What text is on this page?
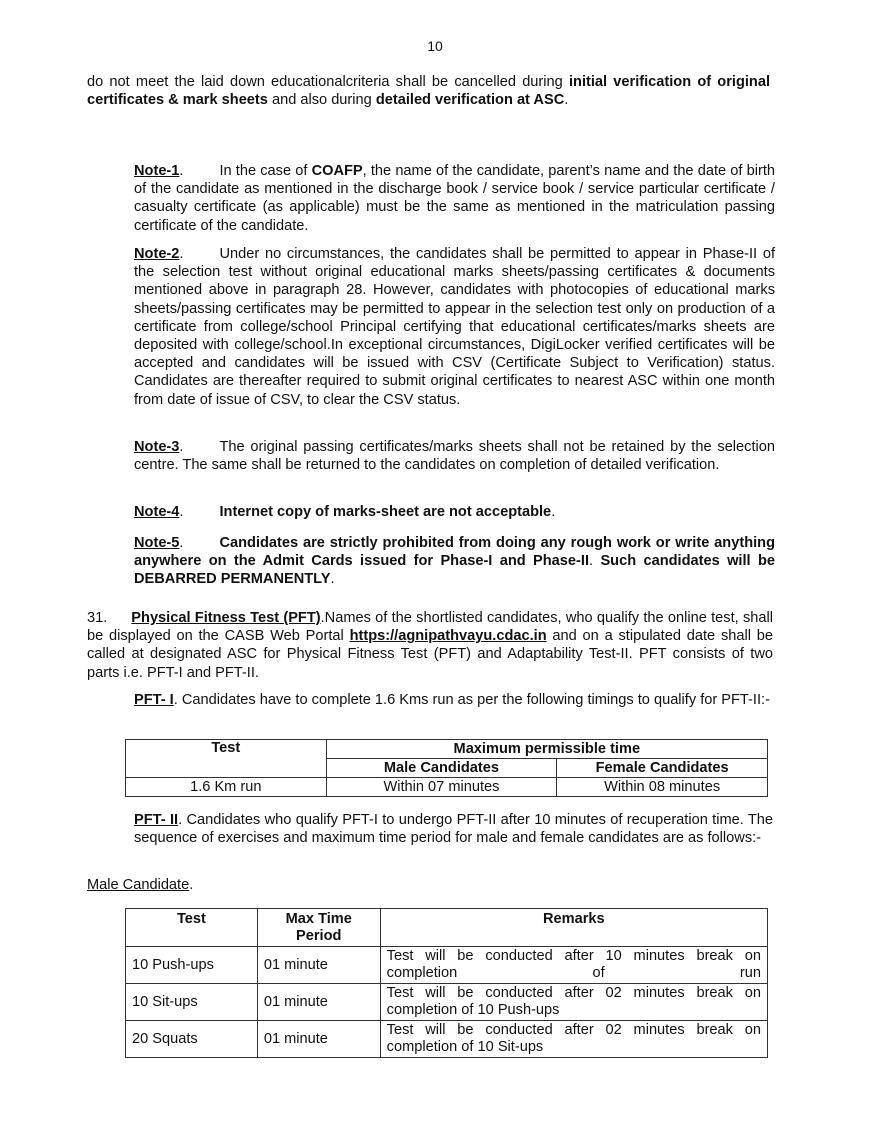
10

do not meet the laid down educationalcriteria shall be cancelled during initial verification of original certificates & mark sheets and also during detailed verification at ASC.

Note-1. In the case of COAFP, the name of the candidate, parent’s name and the date of birth of the candidate as mentioned in the discharge book / service book / service particular certificate / casualty certificate (as applicable) must be the same as mentioned in the matriculation passing certificate of the candidate.

Note-2. Under no circumstances, the candidates shall be permitted to appear in Phase-II of the selection test without original educational marks sheets/passing certificates & documents mentioned above in paragraph 28. However, candidates with photocopies of educational marks sheets/passing certificates may be permitted to appear in the selection test only on production of a certificate from college/school Principal certifying that educational certificates/marks sheets are deposited with college/school.In exceptional circumstances, DigiLocker verified certificates will be accepted and candidates will be issued with CSV (Certificate Subject to Verification) status. Candidates are thereafter required to submit original certificates to nearest ASC within one month from date of issue of CSV, to clear the CSV status.

Note-3. The original passing certificates/marks sheets shall not be retained by the selection centre. The same shall be returned to the candidates on completion of detailed verification.

Note-4. Internet copy of marks-sheet are not acceptable.

Note-5. Candidates are strictly prohibited from doing any rough work or write anything anywhere on the Admit Cards issued for Phase-I and Phase-II. Such candidates will be DEBARRED PERMANENTLY.

31. Physical Fitness Test (PFT).Names of the shortlisted candidates, who qualify the online test, shall be displayed on the CASB Web Portal https://agnipathvayu.cdac.in and on a stipulated date shall be called at designated ASC for Physical Fitness Test (PFT) and Adaptability Test-II. PFT consists of two parts i.e. PFT-I and PFT-II.

PFT- I. Candidates have to complete 1.6 Kms run as per the following timings to qualify for PFT-II:-

Test	Maximum permissible time	
	Male Candidates	Female Candidates
1.6 Km run	Within 07 minutes	Within 08 minutes

PFT- II. Candidates who qualify PFT-I to undergo PFT-II after 10 minutes of recuperation time. The sequence of exercises and maximum time period for male and female candidates are as follows:-

Male Candidate.

Test	Max Time Period	Remarks
10 Push-ups	01 minute	Test will be conducted after 10 minutes break on completion of run
10 Sit-ups	01 minute	Test will be conducted after 02 minutes break on completion of 10 Push-ups
20 Squats	01 minute	Test will be conducted after 02 minutes break on completion of 10 Sit-ups
